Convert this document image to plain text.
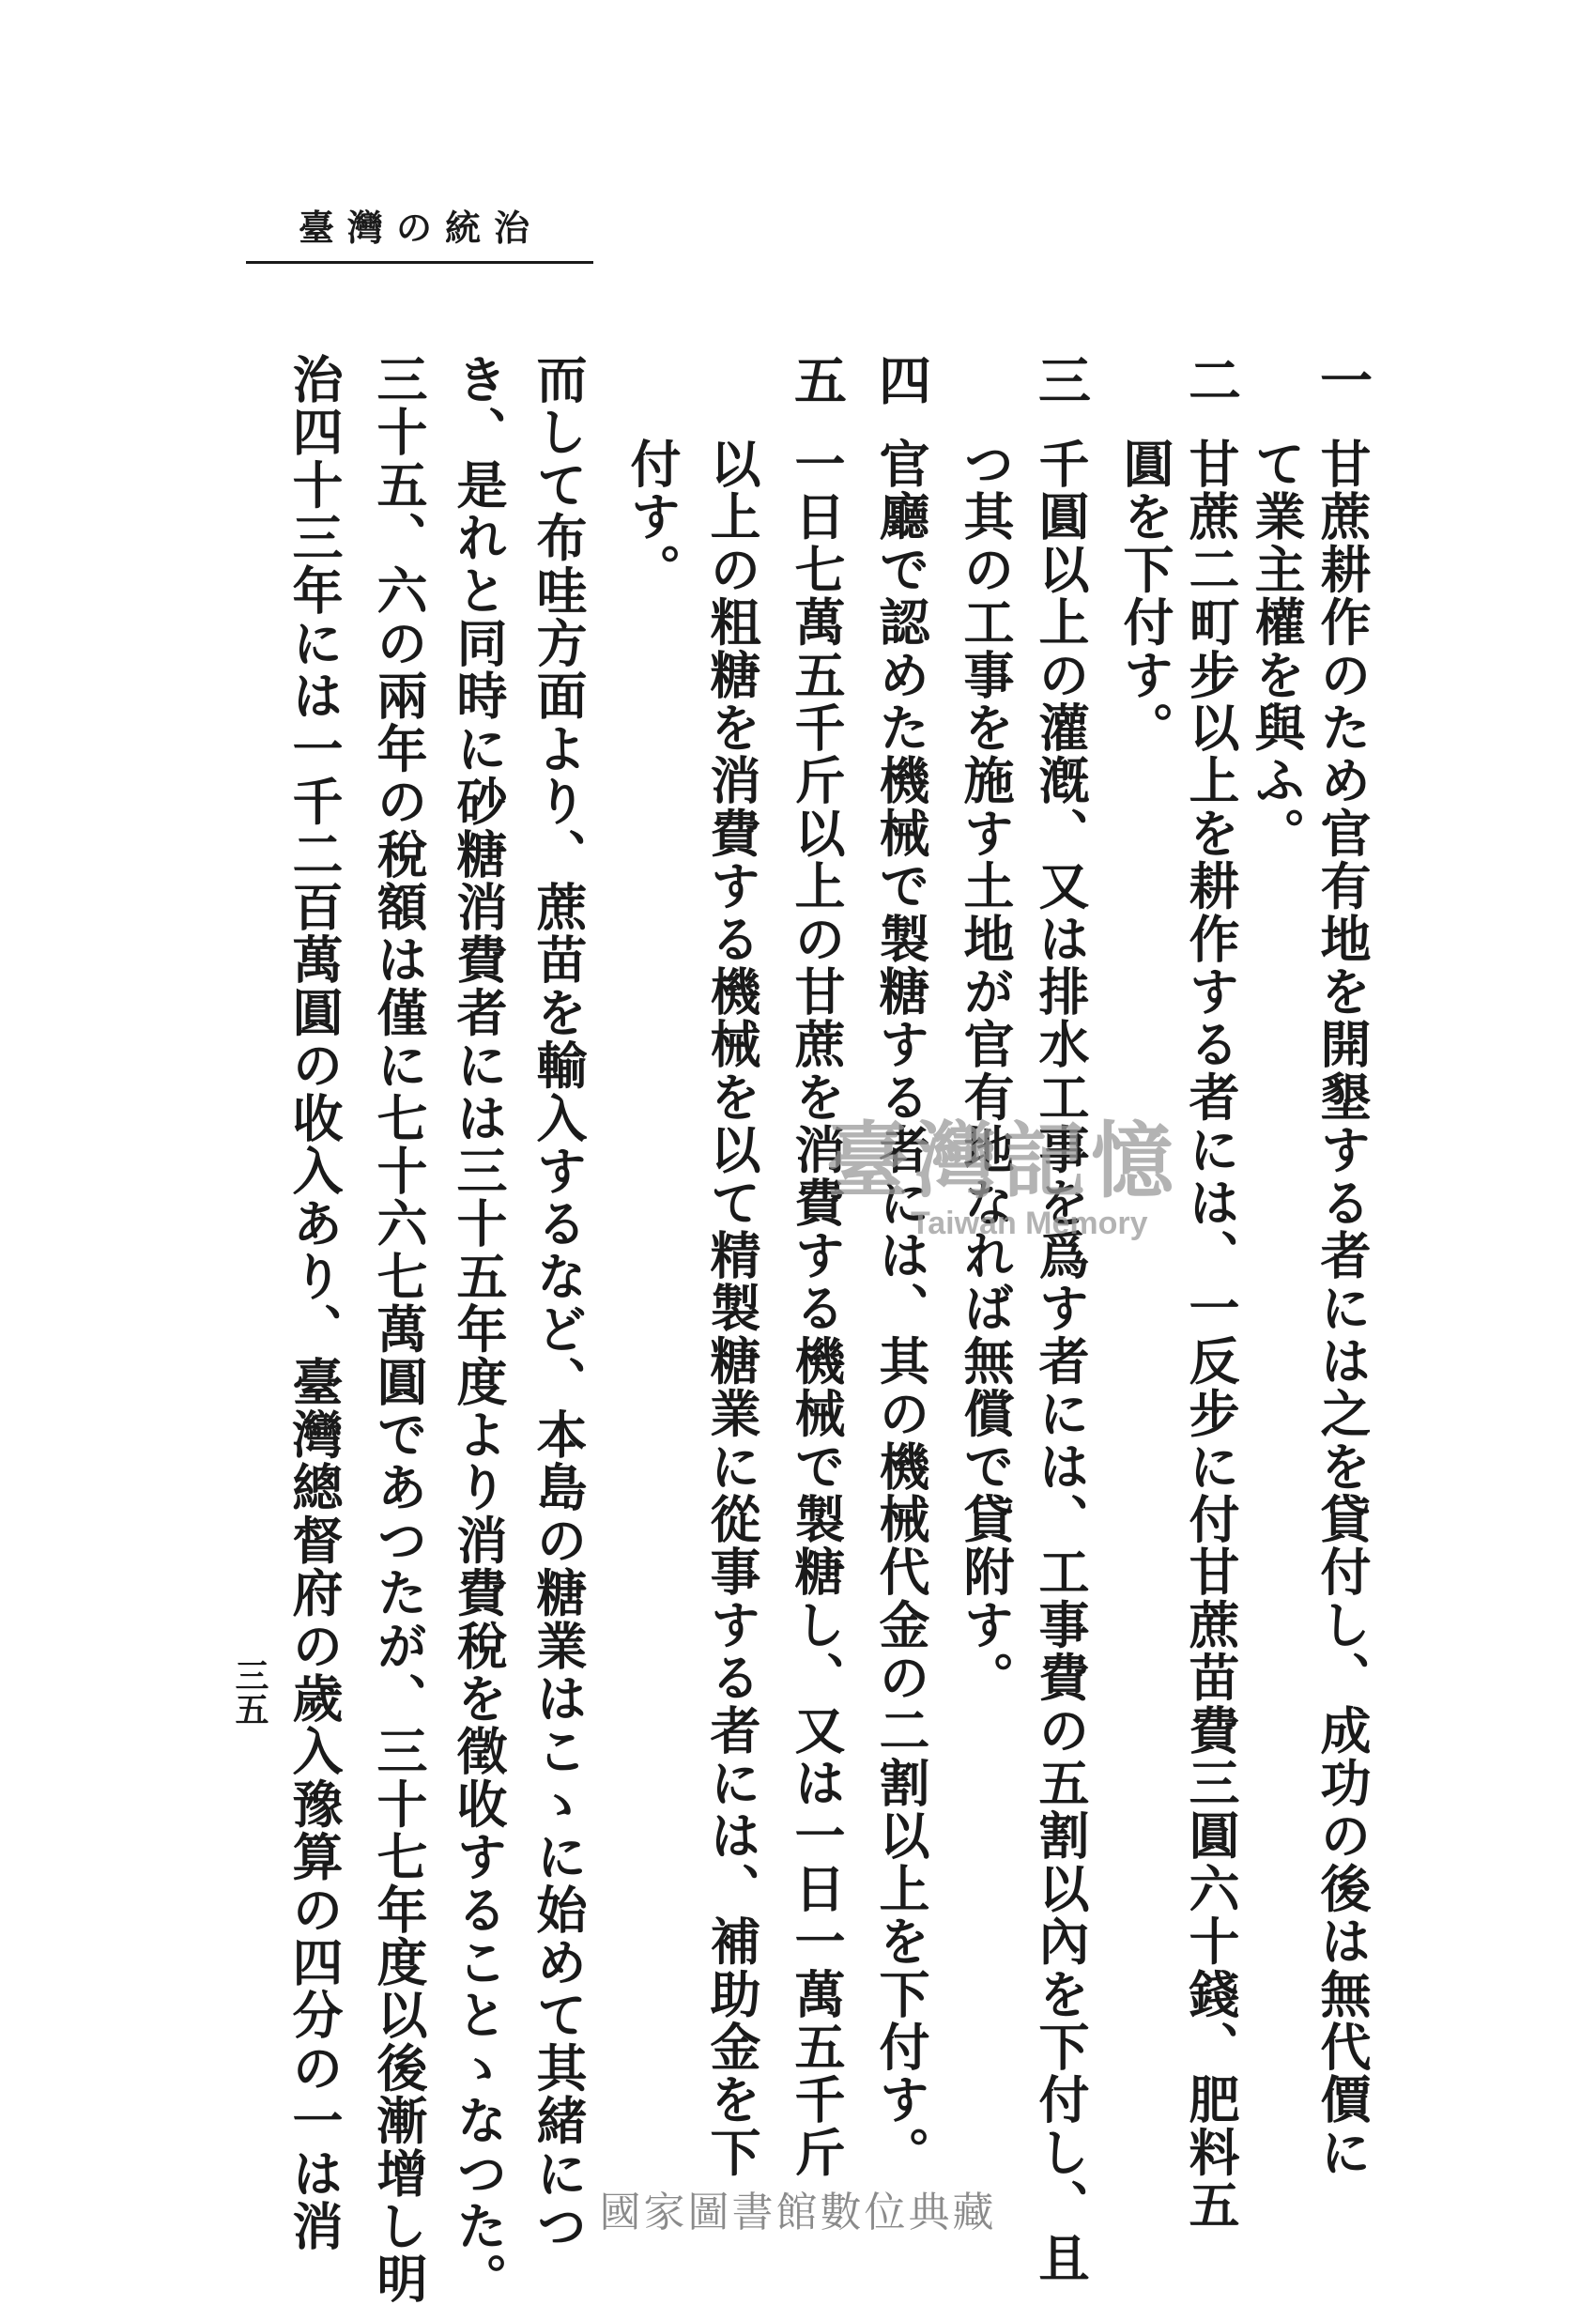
臺灣の統治
三五
一
甘蔗耕作のため官有地を開墾する者には之を貸付し、成功の後は無代價に
て業主權を與ふ。
二
甘蔗二町步以上を耕作する者には、一反步に付甘蔗苗費三圓六十錢、肥料五
圓を下付す。
三
千圓以上の灌漑、又は排水工事を爲す者には、工事費の五割以內を下付し、且
つ其の工事を施す土地が官有地なれば無償で貸附す。
四
官廳で認めた機械で製糖する者には、其の機械代金の二割以上を下付す。
五
一日七萬五千斤以上の甘蔗を消費する機械で製糖し、又は一日一萬五千斤
以上の粗糖を消費する機械を以て精製糖業に從事する者には、補助金を下
付す。
而して布哇方面より、蔗苗を輸入するなど、本島の糖業はこゝに始めて其緒につ
き、是れと同時に砂糖消費者には三十五年度より消費稅を徵收することゝなつた。
三十五、六の兩年の稅額は僅に七十六七萬圓であつたが、三十七年度以後漸增し明
治四十三年には一千二百萬圓の收入あり、臺灣總督府の歲入豫算の四分の一は消	臺灣記憶
Taiwan Memory
國家圖書館數位典藏
